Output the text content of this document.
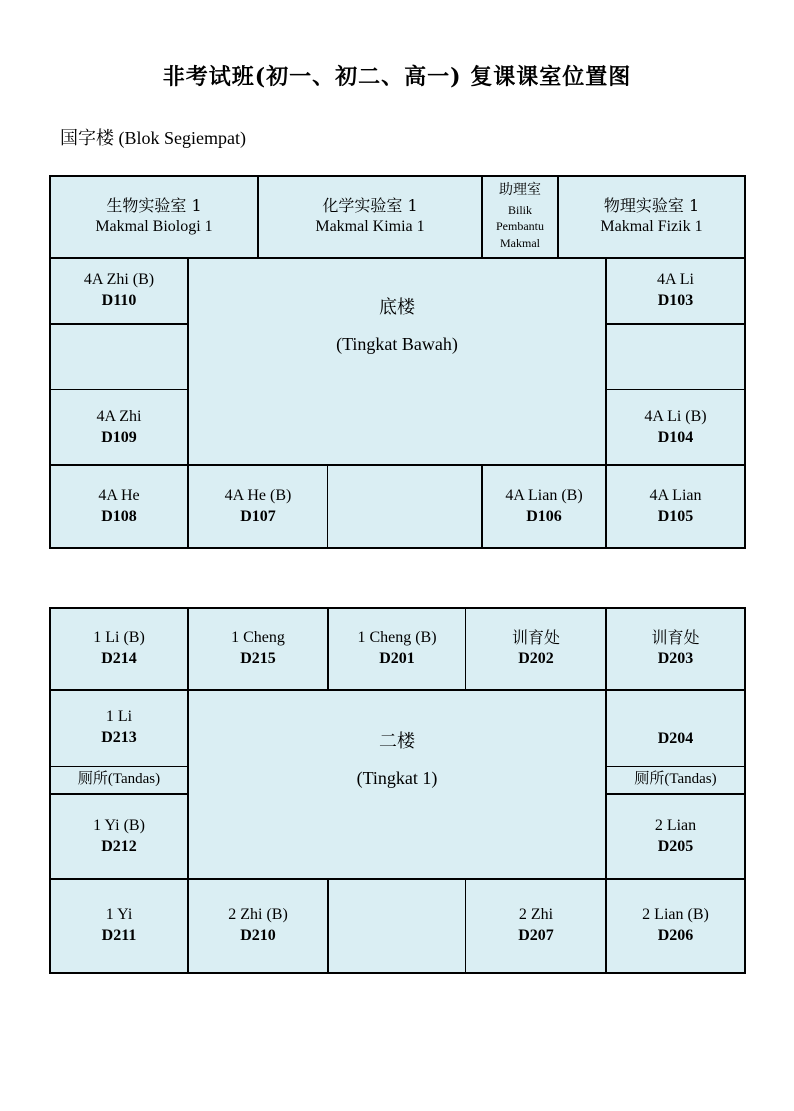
非考试班(初一、初二、高一) 复课课室位置图
国字楼 (Blok Segiempat)
生物实验室 1
Makmal Biologi 1
化学实验室 1
Makmal Kimia 1
助理室
Bilik
Pembantu
Makmal
物理实验室 1
Makmal Fizik 1
4A Zhi (B)
D110
4A Zhi
D109
底楼
(Tingkat Bawah)
4A Li
D103
4A Li (B)
D104
4A He
D108
4A He (B)
D107
4A Lian (B)
D106
4A Lian
D105
1 Li (B)
D214
1 Cheng
D215
1 Cheng (B)
D201
训育处
D202
训育处
D203
1 Li
D213
厕所(Tandas)
1 Yi (B)
D212
二楼
(Tingkat 1)
D204
厕所(Tandas)
2 Lian
D205
1 Yi
D211
2 Zhi (B)
D210
2 Zhi
D207
2 Lian (B)
D206
